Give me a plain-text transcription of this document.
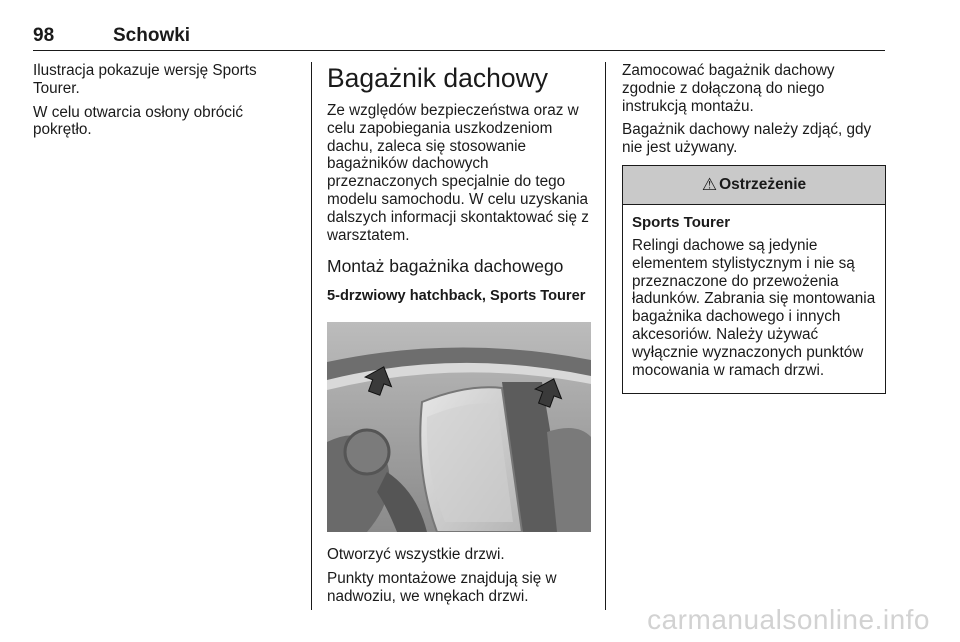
98	Schowki

Ilustracja pokazuje wersję Sports Tourer.

W celu otwarcia osłony obrócić pokrętło.

Bagażnik dachowy

Ze względów bezpieczeństwa oraz w celu zapobiegania uszkodzeniom dachu, zaleca się stosowanie bagażników dachowych przeznaczonych specjalnie do tego modelu samochodu. W celu uzyskania dalszych informacji skontaktować się z warsztatem.

Montaż bagażnika dachowego
5-drzwiowy hatchback, Sports Tourer

Otworzyć wszystkie drzwi.

Punkty montażowe znajdują się w nadwoziu, we wnękach drzwi.

Zamocować bagażnik dachowy zgodnie z dołączoną do niego instrukcją montażu.

Bagażnik dachowy należy zdjąć, gdy nie jest używany.

⚠ Ostrzeżenie
Sports Tourer

Relingi dachowe są jedynie elementem stylistycznym i nie są przeznaczone do przewożenia ładunków. Zabrania się montowania bagażnika dachowego i innych akcesoriów. Należy używać wyłącznie wyznaczonych punktów mocowania w ramach drzwi.

carmanualsonline.info
